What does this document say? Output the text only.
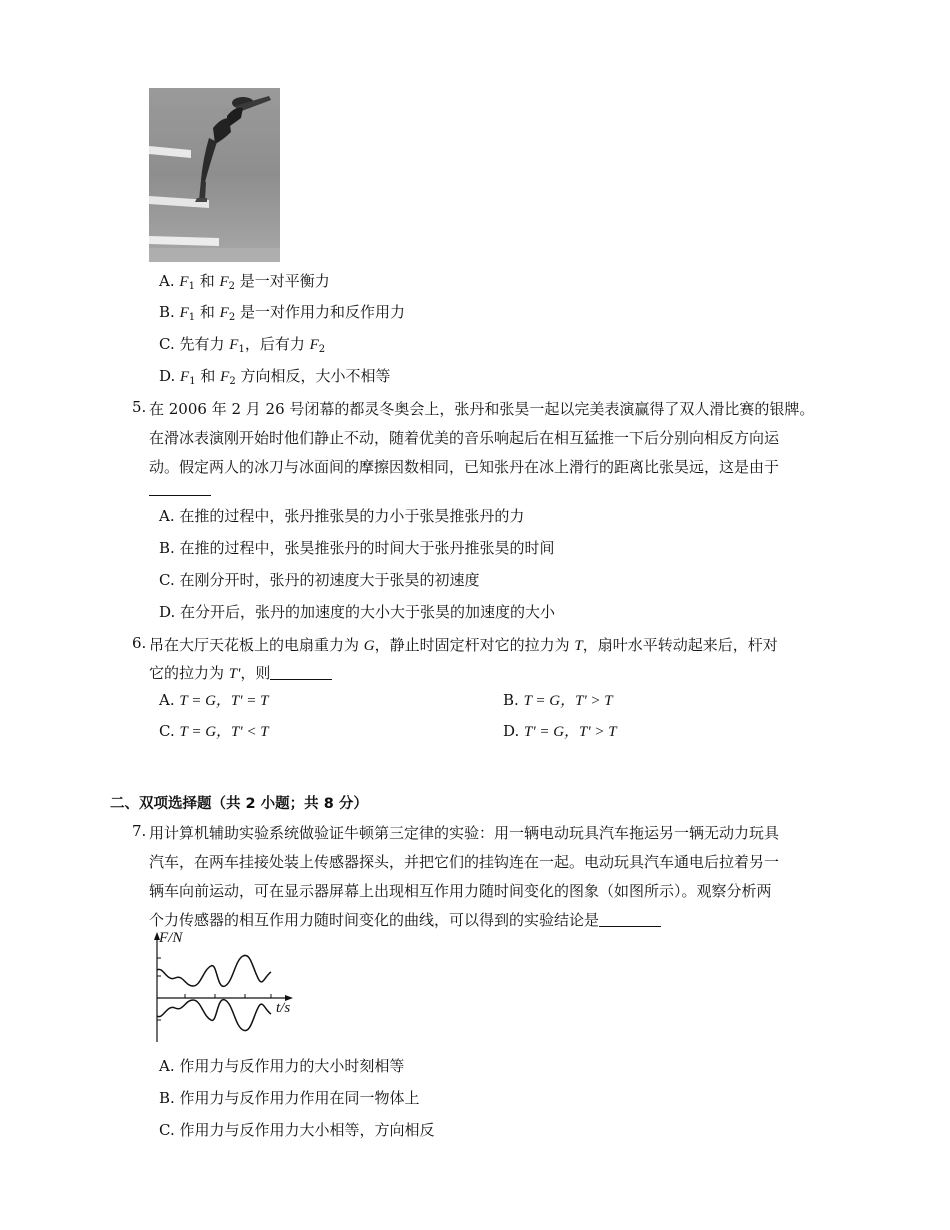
A. $F_1$ 和 $F_2$ 是一对平衡力
B. $F_1$ 和 $F_2$ 是一对作用力和反作用力
C. 先有力 $F_1$，后有力 $F_2$
D. $F_1$ 和 $F_2$ 方向相反，大小不相等
5. 在 2006 年 2 月 26 号闭幕的都灵冬奥会上，张丹和张昊一起以完美表演赢得了双人滑比赛的银牌。
在滑冰表演刚开始时他们静止不动，随着优美的音乐响起后在相互猛推一下后分别向相反方向运
动。假定两人的冰刀与冰面间的摩擦因数相同，已知张丹在冰上滑行的距离比张昊远，这是由于
A. 在推的过程中，张丹推张昊的力小于张昊推张丹的力
B. 在推的过程中，张昊推张丹的时间大于张丹推张昊的时间
C. 在刚分开时，张丹的初速度大于张昊的初速度
D. 在分开后，张丹的加速度的大小大于张昊的加速度的大小
6. 吊在大厅天花板上的电扇重力为 G，静止时固定杆对它的拉力为 T，扇叶水平转动起来后，杆对
它的拉力为 T'，则
A. T = G，T' = T	B. T = G，T' > T
C. T = G，T' < T	D. T' = G，T' > T
二、双项选择题（共 2 小题；共 8 分）
7. 用计算机辅助实验系统做验证牛顿第三定律的实验：用一辆电动玩具汽车拖运另一辆无动力玩具
汽车，在两车挂接处装上传感器探头，并把它们的挂钩连在一起。电动玩具汽车通电后拉着另一
辆车向前运动，可在显示器屏幕上出现相互作用力随时间变化的图象（如图所示）。观察分析两
个力传感器的相互作用力随时间变化的曲线，可以得到的实验结论是
F/N
t/s
A. 作用力与反作用力的大小时刻相等
B. 作用力与反作用力作用在同一物体上
C. 作用力与反作用力大小相等，方向相反
